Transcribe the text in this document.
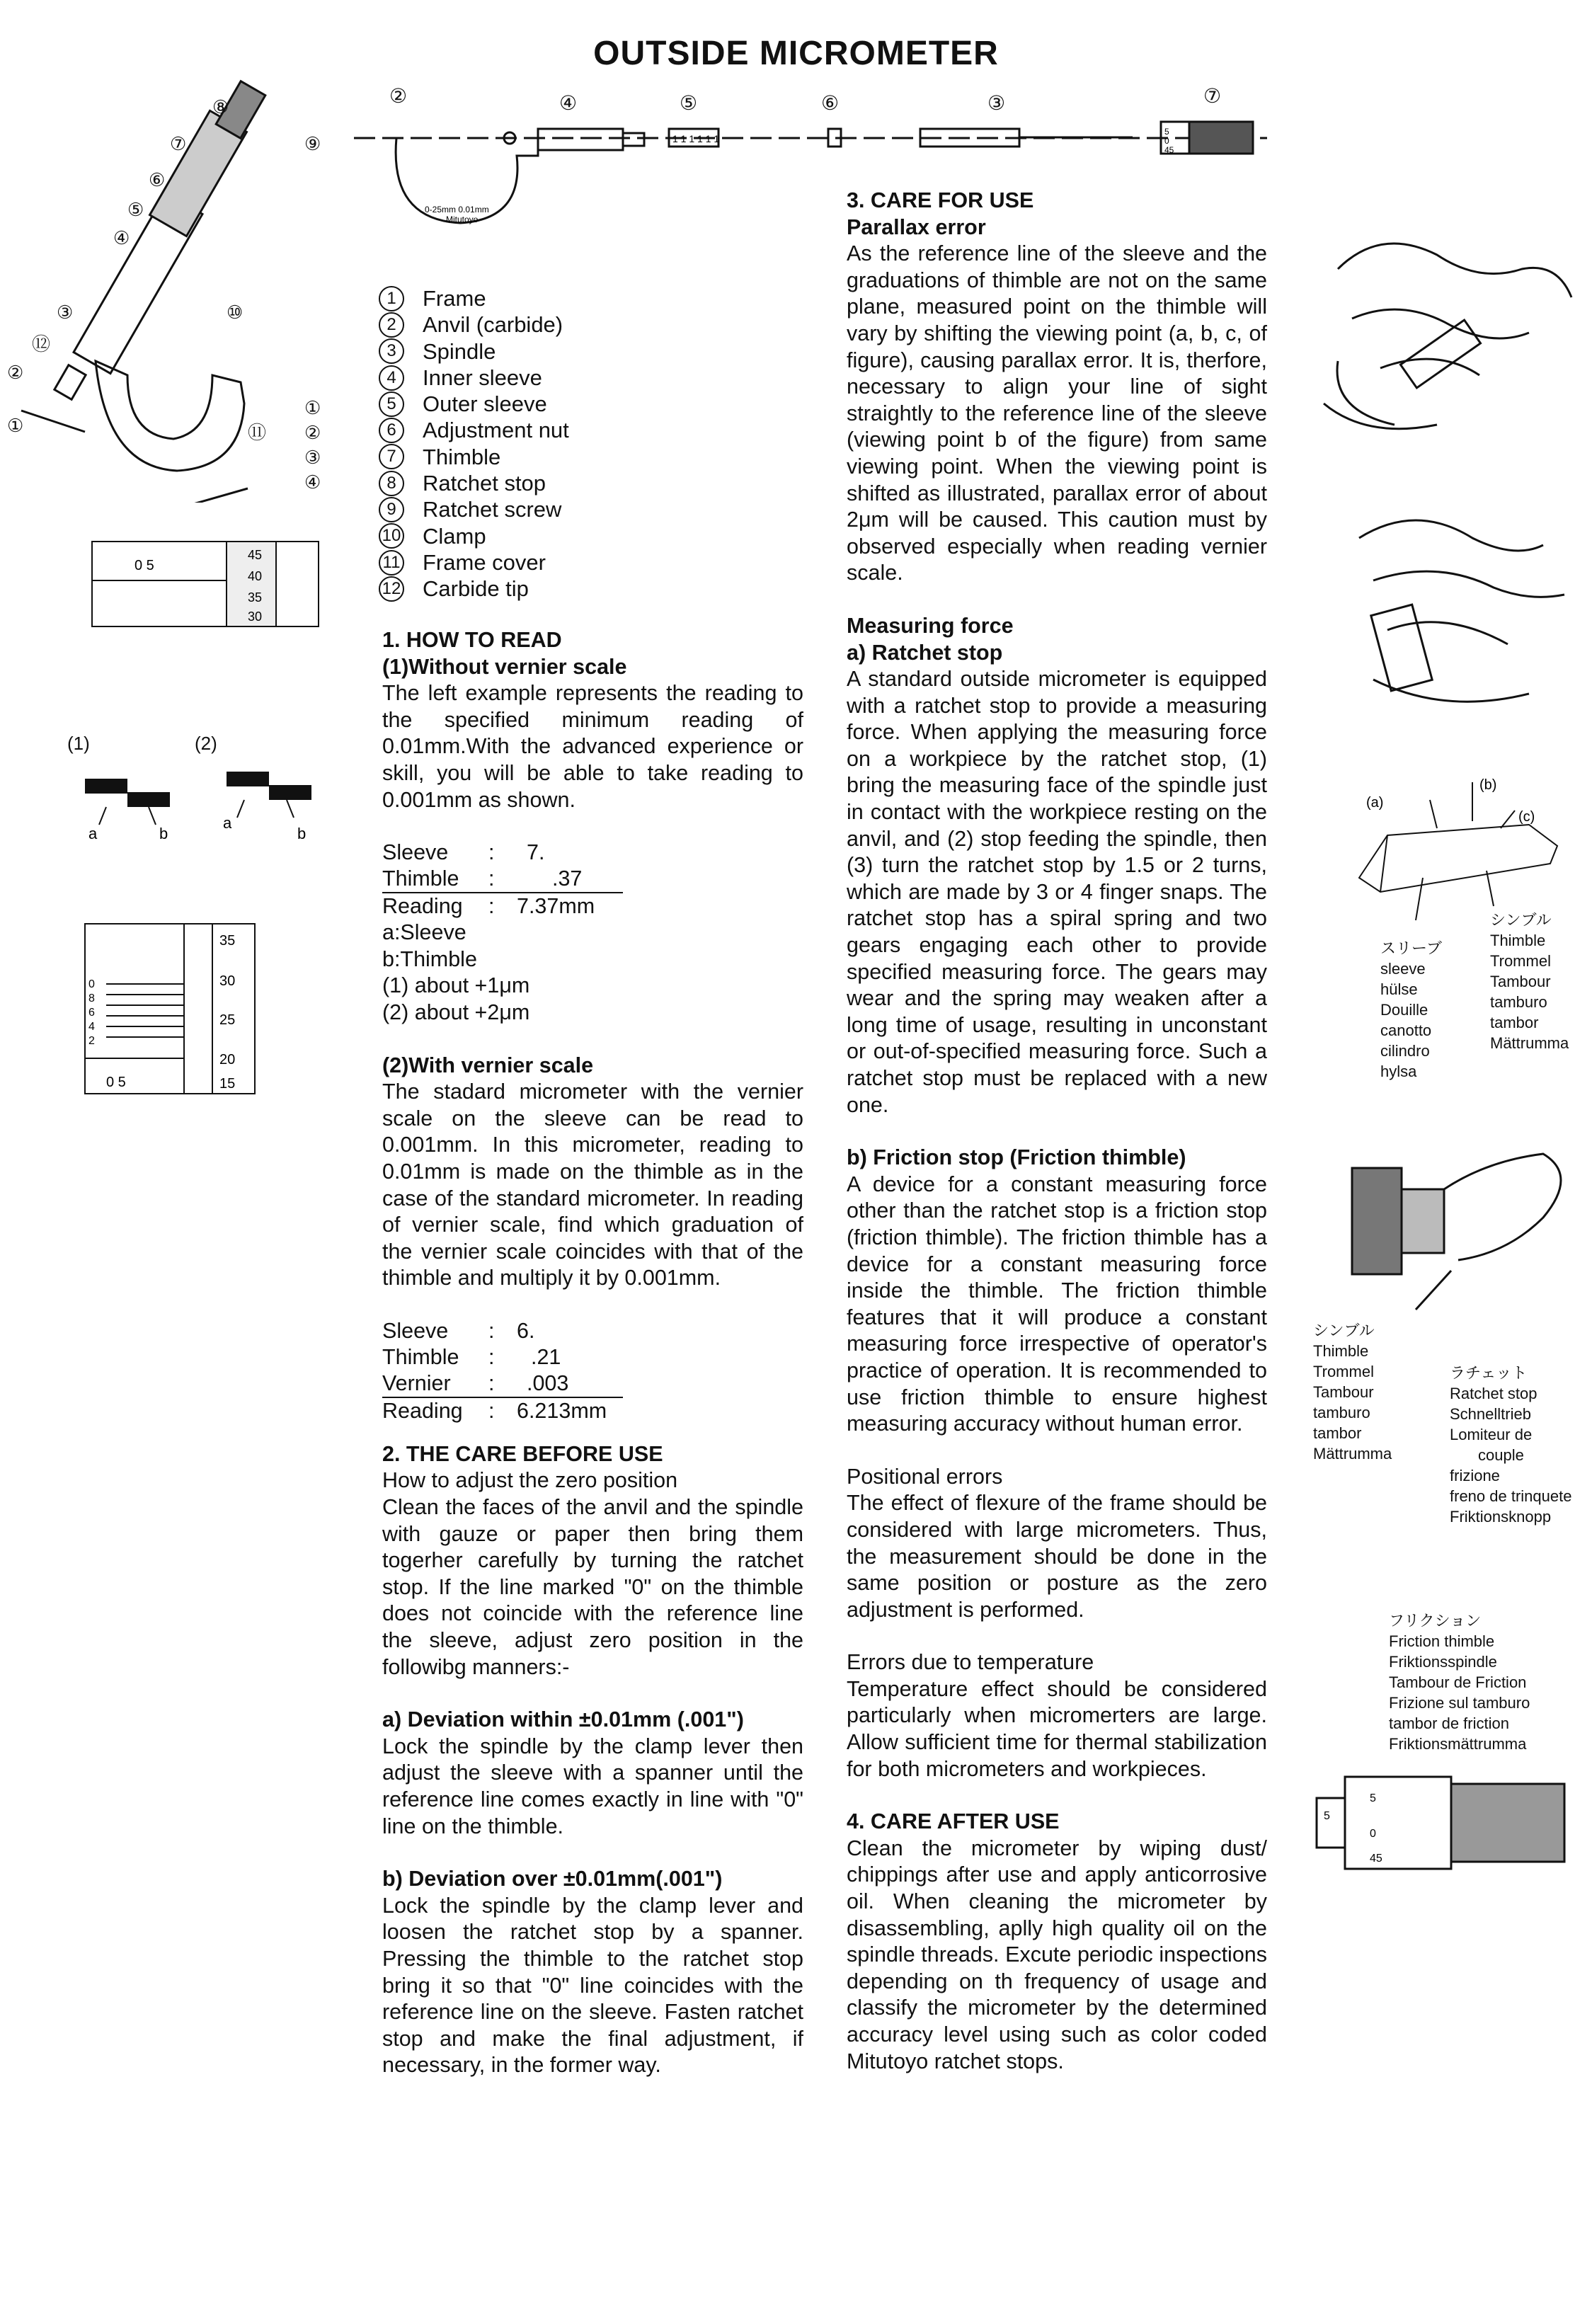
OUTSIDE MICROMETER
⑧
⑦	⑨
⑥
⑤
④
③	⑩
⑫
②
①	⑪
①
②
③
④
②	④	⑤	⑥	③	⑦
1 1 1 1 1 1
5
0
45
0-25mm 0.01mm
Mitutoyo
0 5
45
40
35
30
(1)	(2)
a	b
a
b
35
30
25
20
15
0
8
6
4
2
0 5
1	Frame
2	Anvil (carbide)
3	Spindle
4	Inner sleeve
5	Outer sleeve
6	Adjustment nut
7	Thimble
8	Ratchet stop
9	Ratchet screw
10 Clamp
11 Frame cover
12 Carbide tip

1. HOW TO READ

(1)Without vernier scale

The left example represents the reading to the specified minimum reading of 0.01mm.With the advanced experience or skill, you will be able to take reading to 0.001mm as shown.

Sleeve	:	7.
Thimble	:	.37
Reading	:	7.37mm

a:Sleeve

b:Thimble

(1) about +1μm

(2) about +2μm

(2)With vernier scale

The stadard micrometer with the vernier scale on the sleeve can be read to 0.001mm. In this micrometer, reading to 0.01mm is made on the thimble as in the case of the standard micrometer. In reading of vernier scale, find which graduation of the vernier scale coincides with that of the thimble and multiply it by 0.001mm.

Sleeve	:	6.
Thimble	:	.21
Vernier	:	.003
Reading	:	6.213mm

2. THE CARE BEFORE USE

How to adjust the zero position

Clean the faces of the anvil and the spindle with gauze or paper then bring them togerher carefully by turning the ratchet stop. If the line marked "0" on the thimble does not coincide with the reference line the sleeve, adjust zero position in the followibg manners:-

a) Deviation within ±0.01mm (.001")

Lock the spindle by the clamp lever then adjust the sleeve with a spanner until the reference line comes exactly in line with "0" line on the thimble.

b) Deviation over ±0.01mm(.001")

Lock the spindle by the clamp lever and loosen the ratchet stop by a spanner. Pressing the thimble to the ratchet stop bring it so that "0" line coincides with the reference line on the sleeve. Fasten ratchet stop and make the final adjustment, if necessary, in the former way.

3. CARE FOR USE

Parallax error

As the reference line of the sleeve and the graduations of thimble are not on the same plane, measured point on the thimble will vary by shifting the viewing point (a, b, c, of figure), causing parallax error. It is, therfore, necessary to align your line of sight straightly to the reference line of the sleeve (viewing point b of the figure) from same viewing point. When the viewing point is shifted as illustrated, parallax error of about 2μm will be caused. This caution must by observed especially when reading vernier scale.

Measuring force

a) Ratchet stop

A standard outside micrometer is equipped with a ratchet stop to provide a measuring force. When applying the measuring force on a workpiece by the ratchet stop, (1) bring the measuring face of the spindle just in contact with the workpiece resting on the anvil, and (2) stop feeding the spindle, then (3) turn the ratchet stop by 1.5 or 2 turns, which are made by 3 or 4 finger snaps. The ratchet stop has a spiral spring and two gears engaging each other to provide specified measuring force. The gears may wear and the spring may weaken after a long time of usage, resulting in unconstant or out-of-specified measuring force. Such a ratchet stop must be replaced with a new one.

b) Friction stop (Friction thimble)

A device for a constant measuring force other than the ratchet stop is a friction stop (friction thimble). The friction thimble has a device for a constant measuring force inside the thimble. The friction thimble features that it will produce a constant measuring force irrespective of operator's practice of operation. It is recommended to use friction thimble to ensure highest measuring accuracy without human error.

Positional errors

The effect of flexure of the frame should be considered with large micrometers. Thus, the measurement should be done in the same position or posture as the zero adjustment is performed.

Errors due to temperature

Temperature effect should be considered particularly when micromerters are large. Allow sufficient time for thermal stabilization for both micrometers and workpieces.

4. CARE AFTER USE

Clean the micrometer by wiping dust/ chippings after use and apply anticorrosive oil. When cleaning the micrometer by disassembling, aplly high quality oil on the spindle threads. Excute periodic inspections depending on th frequency of usage and classify the micrometer by the determined accuracy level using such as color coded Mitutoyo ratchet stops.

(a)
(b)
(c)
スリーブ
sleeve
hülse
Douille
canotto
cilindro
hylsa
シンブル
Thimble
Trommel
Tambour
tamburo
tambor
Mättrumma
シンブル
Thimble
Trommel
Tambour
tamburo
tambor
Mättrumma
ラチェット
Ratchet stop
Schnelltrieb
Lomiteur de
couple
frizione
freno de trinquete
Friktionsknopp
フリクション
Friction thimble
Friktionsspindle
Tambour de Friction
Frizione sul tamburo
tambor de friction
Friktionsmättrumma
5
5
0
45
